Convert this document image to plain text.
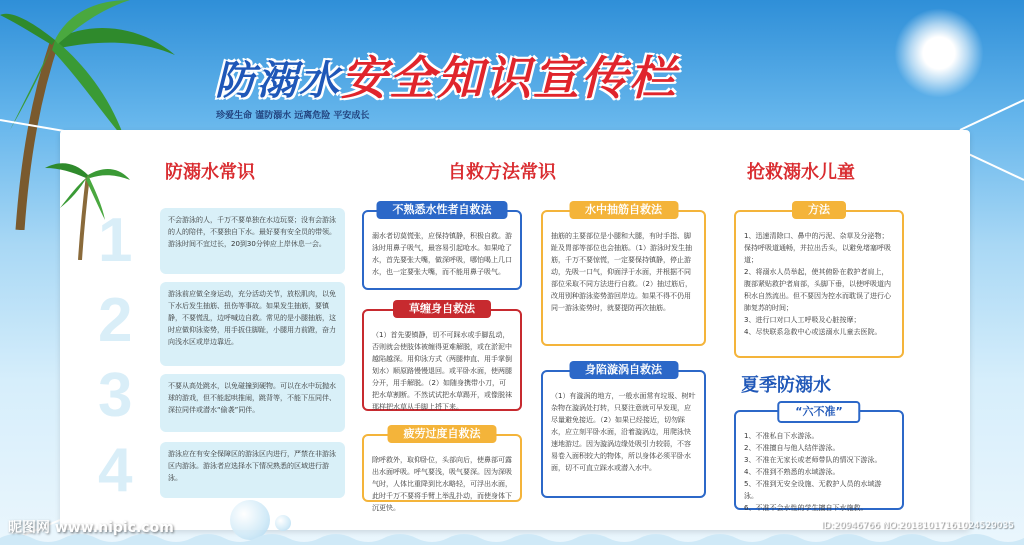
防溺水安全知识宣传栏
珍爱生命 谨防溺水 远离危险 平安成长
防溺水常识	自救方法常识	抢救溺水儿童
1
2
3
4
不会游泳的人，千万不要单独在水边玩耍；没有会游泳的人的陪伴，不要独自下水。最好要有安全员的带领。游泳时间不宜过长，20到30分钟应上岸休息一会。
游泳前应做全身运动，充分活动关节，放松肌肉，以免下水后发生抽筋、扭伤等事故。如果发生抽筋，要镇静，不要慌乱，边呼喊边自救。常见的是小腿抽筋，这时应做仰泳姿势，用手扳住脚趾，小腿用力前蹬，奋力向浅水区或岸边靠近。
不要从高处跳水，以免碰撞到硬物。可以在水中玩抛水球的游戏，但不能起哄推闹，跳背等，不能下压同伴、深拉同伴或潜水“偷袭”同伴。
游泳应在有安全保障区的游泳区内进行，严禁在非游泳区内游泳。游泳者应选择水下情况熟悉的区域进行游泳。
不熟悉水性者自救法
溺水者切莫慌张，应保持镇静，积极自救。游泳时用鼻子吸气，最容易引起呛水。如果呛了水，首先要张大嘴，做深呼吸，哪怕喝上几口水，也一定要张大嘴，而不能用鼻子吸气。
草缠身自救法
（1）首先要镇静，切不可踩水或手脚乱动，否则就会使肢体被缠得更难解脱，或在淤泥中越陷越深。用仰泳方式（两腿伸直、用手掌倒划水）顺原路慢慢退回。或平卧水面，使两腿分开，用手解脱。（2）如随身携带小刀，可把水草割断。不然试试把水草踢开，或像脱袜那样把水草从手脚上捋下来。
疲劳过度自救法
除呼救外，取仰卧位，头部向后，使鼻部可露出水面呼吸。呼气要浅，吸气要深。因为深吸气时，人体比重降到比水略轻，可浮出水面，此时千万不要将手臂上举乱扑动，而使身体下沉更快。
水中抽筋自救法
抽筋的主要部位是小腿和大腿，有时手指、脚趾及胃部等部位也会抽筋。（1）游泳时发生抽筋，千万不要惊慌，一定要保持镇静，停止游动，先吸一口气，仰面浮于水面，并根据不同部位采取不同方法进行自救。（2）抽过筋后，改用别种游泳姿势游回岸边。如果不得不仍用同一游泳姿势时，就要提防再次抽筋。
身陷漩涡自救法
（1）有漩涡的地方，一般水面常有垃圾、树叶杂物在漩涡处打转，只要注意就可早发现，应尽量避免接近。（2）如果已经接近，切勿踩水，应立刻平卧水面，沿着漩涡边，用爬泳快速地游过。因为漩涡边缘处吸引力较弱，不容易卷入面积较大的物体，所以身体必须平卧水面，切不可直立踩水或潜入水中。
方法
1、迅速清除口、鼻中的污泥、杂草及分泌物；保持呼吸道通畅，并拉出舌头，以避免堵塞呼吸道；
2、将溺水人员举起，使其俯卧在救护者肩上，腹部紧贴救护者肩部，头脚下垂，以使呼吸道内积水自然流出。但不要因为控水而耽误了进行心肺复苏的时间；
3、进行口对口人工呼吸及心脏按摩；
4、尽快联系急救中心或送溺水儿童去医院。
夏季防溺水
“六不准”
1、不准私自下水游泳。
2、不准擅自与他人结伴游泳。
3、不准在无家长或老师带队的情况下游泳。
4、不准到不熟悉的水域游泳。
5、不准到无安全设施、无救护人员的水域游泳。
6、不准不会水性的学生擅自下水施救。
昵图网 www.nipic.com	ID:20946766 NO:20181017161024529035
